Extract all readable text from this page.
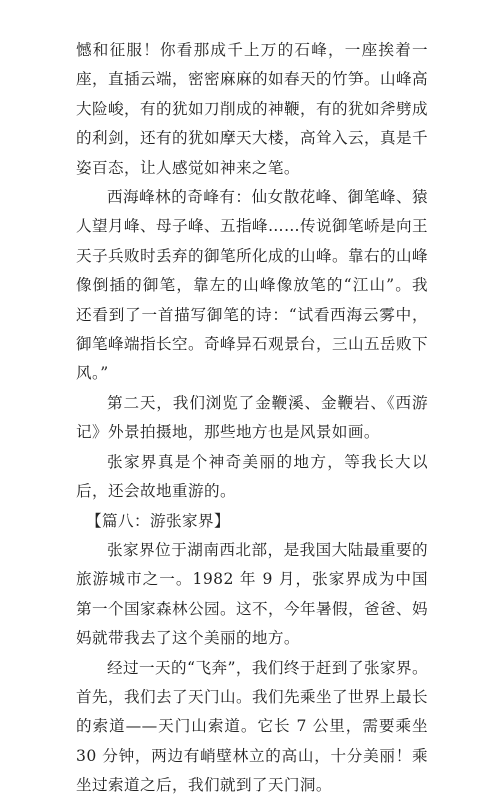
憾和征服！你看那成千上万的石峰，一座挨着一座，直插云端，密密麻麻的如春天的竹笋。山峰高大险峻，有的犹如刀削成的神鞭，有的犹如斧劈成的利剑，还有的犹如摩天大楼，高耸入云，真是千姿百态，让人感觉如神来之笔。

西海峰林的奇峰有：仙女散花峰、御笔峰、猿人望月峰、母子峰、五指峰……传说御笔峤是向王天子兵败时丢弃的御笔所化成的山峰。靠右的山峰像倒插的御笔，靠左的山峰像放笔的“江山”。我还看到了一首描写御笔的诗：“试看西海云雾中，御笔峰端指长空。奇峰异石观景台，三山五岳败下风。”

第二天，我们浏览了金鞭溪、金鞭岩、《西游记》外景拍摄地，那些地方也是风景如画。

张家界真是个神奇美丽的地方，等我长大以后，还会故地重游的。

【篇八：游张家界】

张家界位于湖南西北部，是我国大陆最重要的旅游城市之一。1982 年 9 月，张家界成为中国第一个国家森林公园。这不，今年暑假，爸爸、妈妈就带我去了这个美丽的地方。

经过一天的“飞奔”，我们终于赶到了张家界。首先，我们去了天门山。我们先乘坐了世界上最长的索道——天门山索道。它长 7 公里，需要乘坐 30 分钟，两边有峭壁林立的高山，十分美丽！乘坐过索道之后，我们就到了天门洞。
